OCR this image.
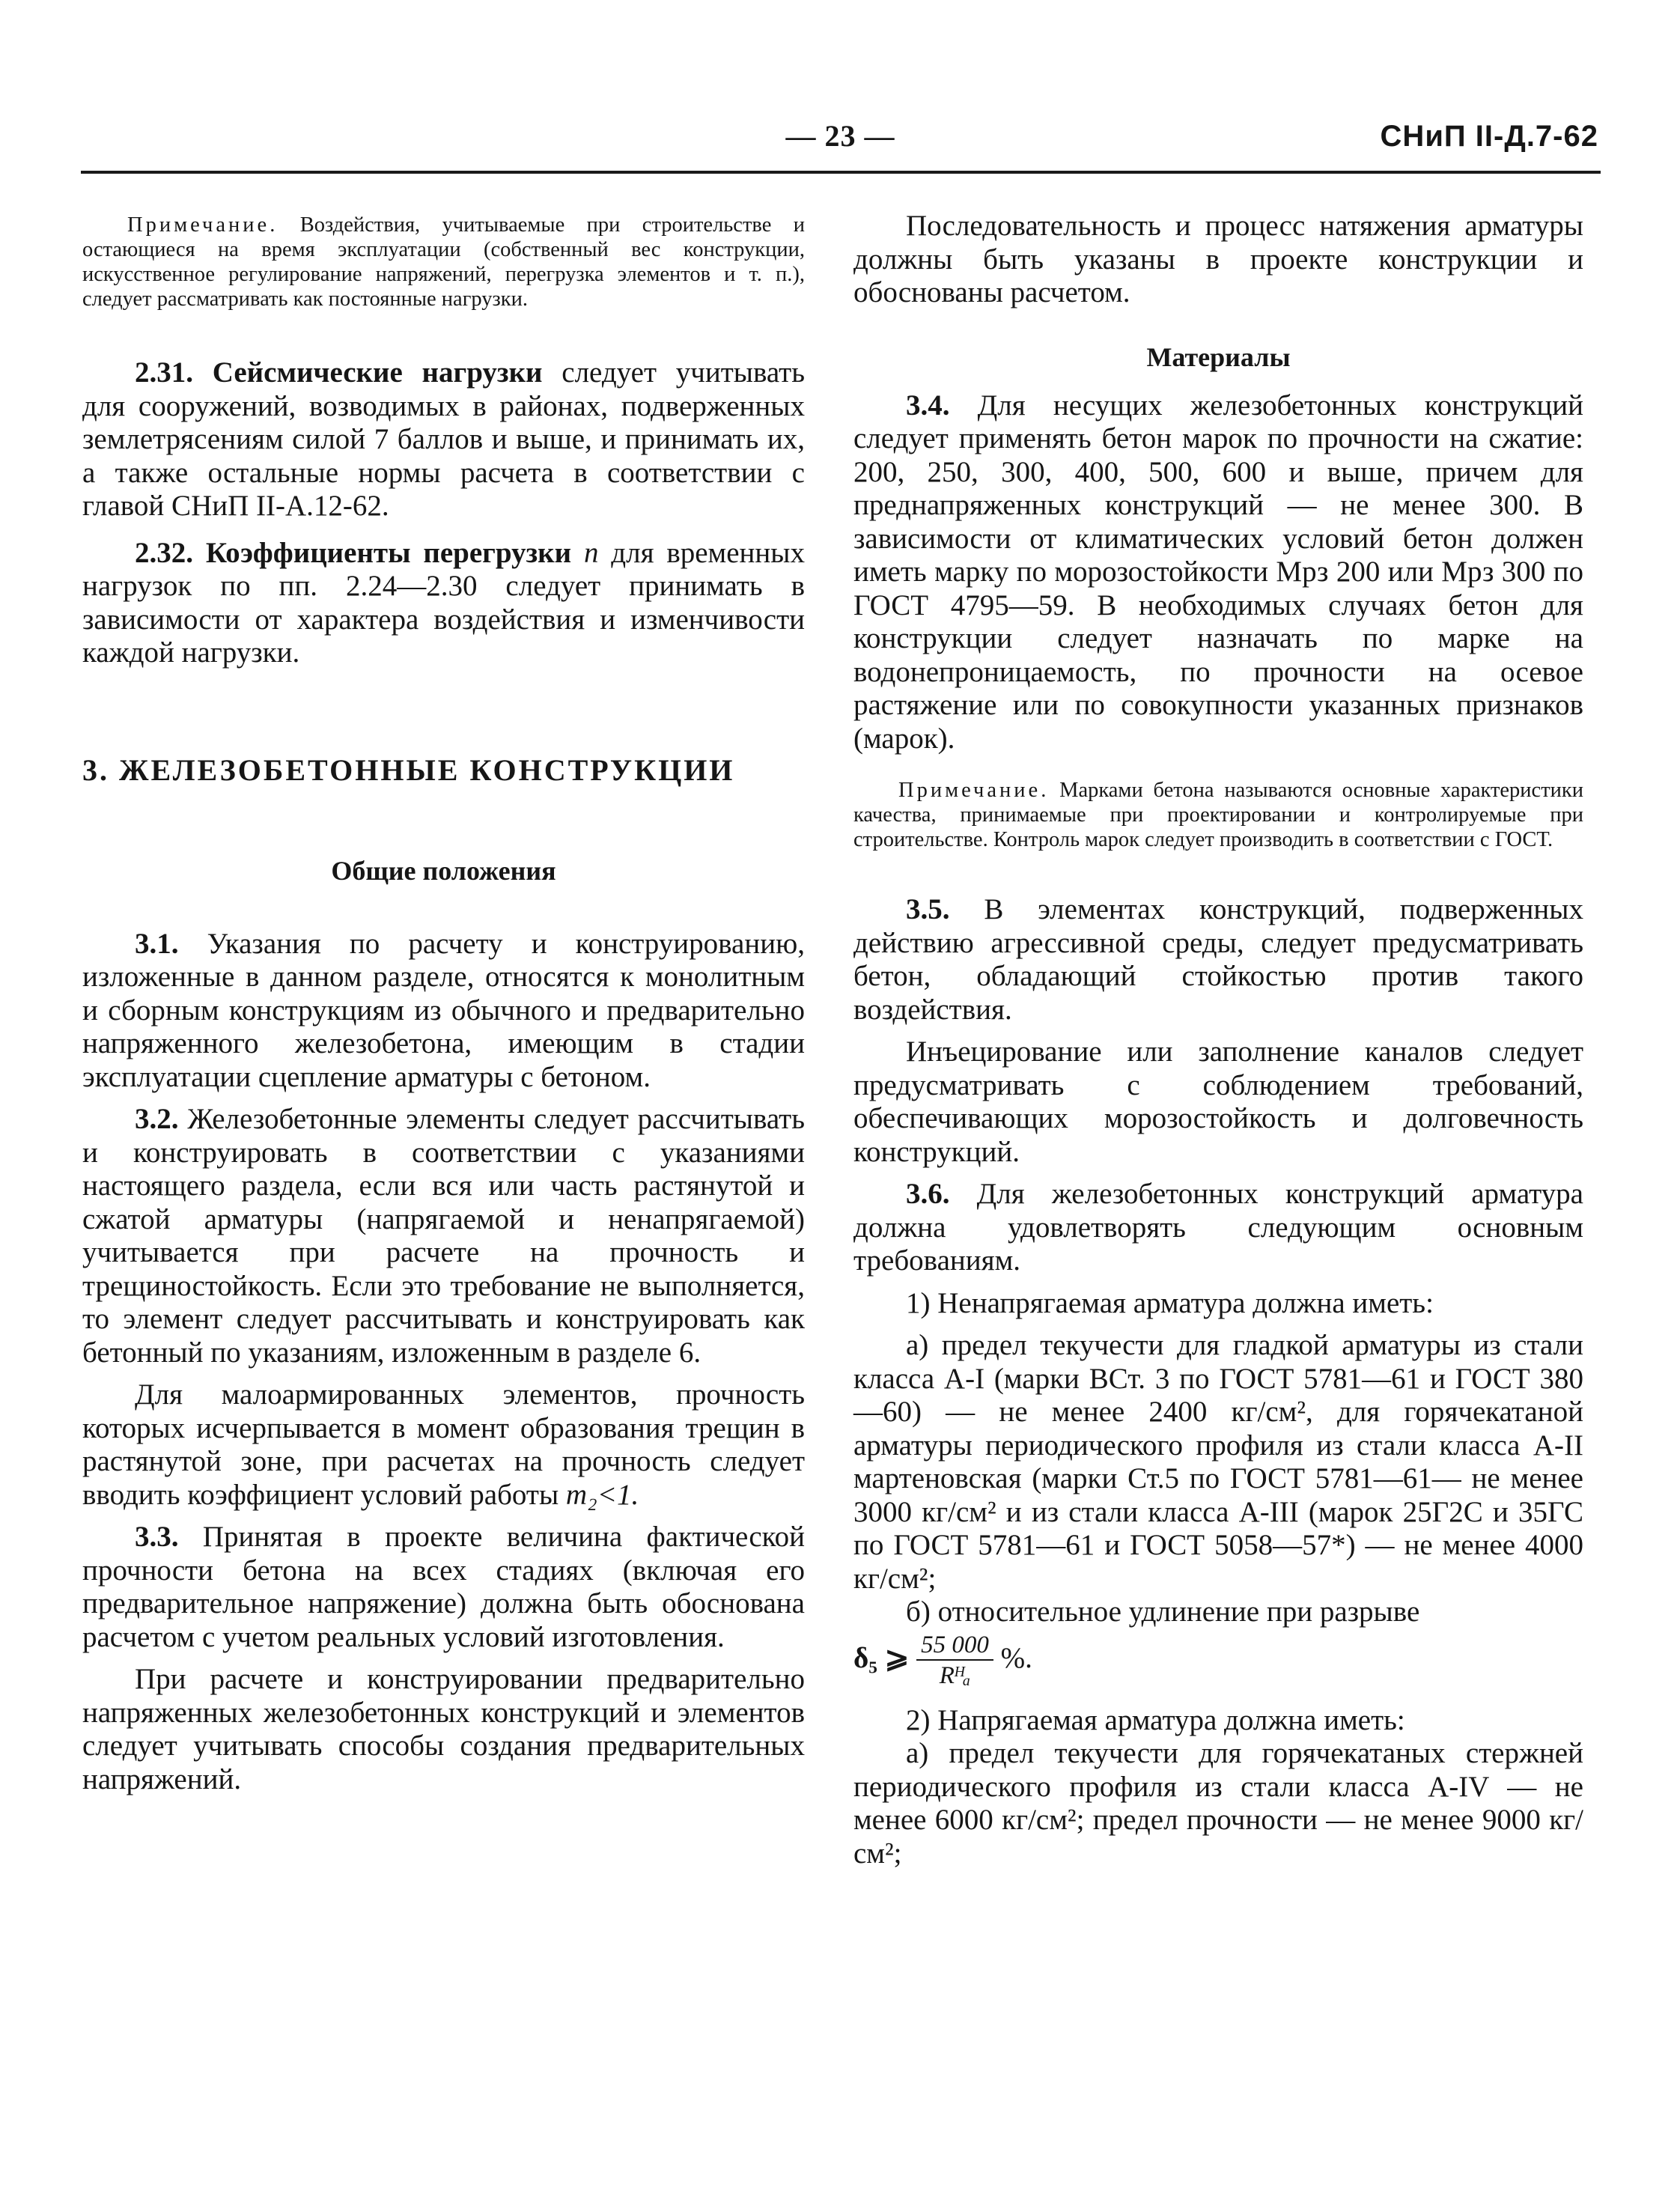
— 23 —	СНиП II-Д.7-62

Примечание. Воздействия, учитываемые при строительстве и остающиеся на время эксплуатации (собственный вес конструкции, искусственное регулирование напряжений, перегрузка элементов и т. п.), следует рассматривать как постоянные нагрузки.

2.31. Сейсмические нагрузки следует учитывать для сооружений, возводимых в районах, подверженных землетрясениям силой 7 баллов и выше, и принимать их, а также остальные нормы расчета в соответствии с главой СНиП II-А.12-62.

2.32. Коэффициенты перегрузки n для временных нагрузок по пп. 2.24—2.30 следует принимать в зависимости от характера воздействия и изменчивости каждой нагрузки.

3. ЖЕЛЕЗОБЕТОННЫЕ КОНСТРУКЦИИ

Общие положения

3.1. Указания по расчету и конструированию, изложенные в данном разделе, относятся к монолитным и сборным конструкциям из обычного и предварительно напряженного железобетона, имеющим в стадии эксплуатации сцепление арматуры с бетоном.

3.2. Железобетонные элементы следует рассчитывать и конструировать в соответствии с указаниями настоящего раздела, если вся или часть растянутой и сжатой арматуры (напрягаемой и ненапрягаемой) учитывается при расчете на прочность и трещиностойкость. Если это требование не выполняется, то элемент следует рассчитывать и конструировать как бетонный по указаниям, изложенным в разделе 6.

Для малоармированных элементов, прочность которых исчерпывается в момент образования трещин в растянутой зоне, при расчетах на прочность следует вводить коэффициент условий работы m₂<1.

3.3. Принятая в проекте величина фактической прочности бетона на всех стадиях (включая его предварительное напряжение) должна быть обоснована расчетом с учетом реальных условий изготовления.

При расчете и конструировании предварительно напряженных железобетонных конструкций и элементов следует учитывать способы создания предварительных напряжений.

Последовательность и процесс натяжения арматуры должны быть указаны в проекте конструкции и обоснованы расчетом.

Материалы

3.4. Для несущих железобетонных конструкций следует применять бетон марок по прочности на сжатие: 200, 250, 300, 400, 500, 600 и выше, причем для преднапряженных конструкций — не менее 300. В зависимости от климатических условий бетон должен иметь марку по морозостойкости Мрз 200 или Мрз 300 по ГОСТ 4795—59. В необходимых случаях бетон для конструкции следует назначать по марке на водонепроницаемость, по прочности на осевое растяжение или по совокупности указанных признаков (марок).

Примечание. Марками бетона называются основные характеристики качества, принимаемые при проектировании и контролируемые при строительстве. Контроль марок следует производить в соответствии с ГОСТ.

3.5. В элементах конструкций, подверженных действию агрессивной среды, следует предусматривать бетон, обладающий стойкостью против такого воздействия.

Инъецирование или заполнение каналов следует предусматривать с соблюдением требований, обеспечивающих морозостойкость и долговечность конструкций.

3.6. Для железобетонных конструкций арматура должна удовлетворять следующим основным требованиям.

1) Ненапрягаемая арматура должна иметь:

а) предел текучести для гладкой арматуры из стали класса А-I (марки ВСт. 3 по ГОСТ 5781—61 и ГОСТ 380—60) — не менее 2400 кг/см², для горячекатаной арматуры периодического профиля из стали класса А-II мартеновская (марки Ст.5 по ГОСТ 5781—61— не менее 3000 кг/см² и из стали класса А-III (марок 25Г2С и 35ГС по ГОСТ 5781—61 и ГОСТ 5058—57*) — не менее 4000 кг/см²;

б) относительное удлинение при разрыве

δ₅ ⩾ $\frac{55 000}{\text{Rᴴₐ}}$ %.

2) Напрягаемая арматура должна иметь:

а) предел текучести для горячекатаных стержней периодического профиля из стали класса А-IV — не менее 6000 кг/см²; предел прочности — не менее 9000 кг/см²;
